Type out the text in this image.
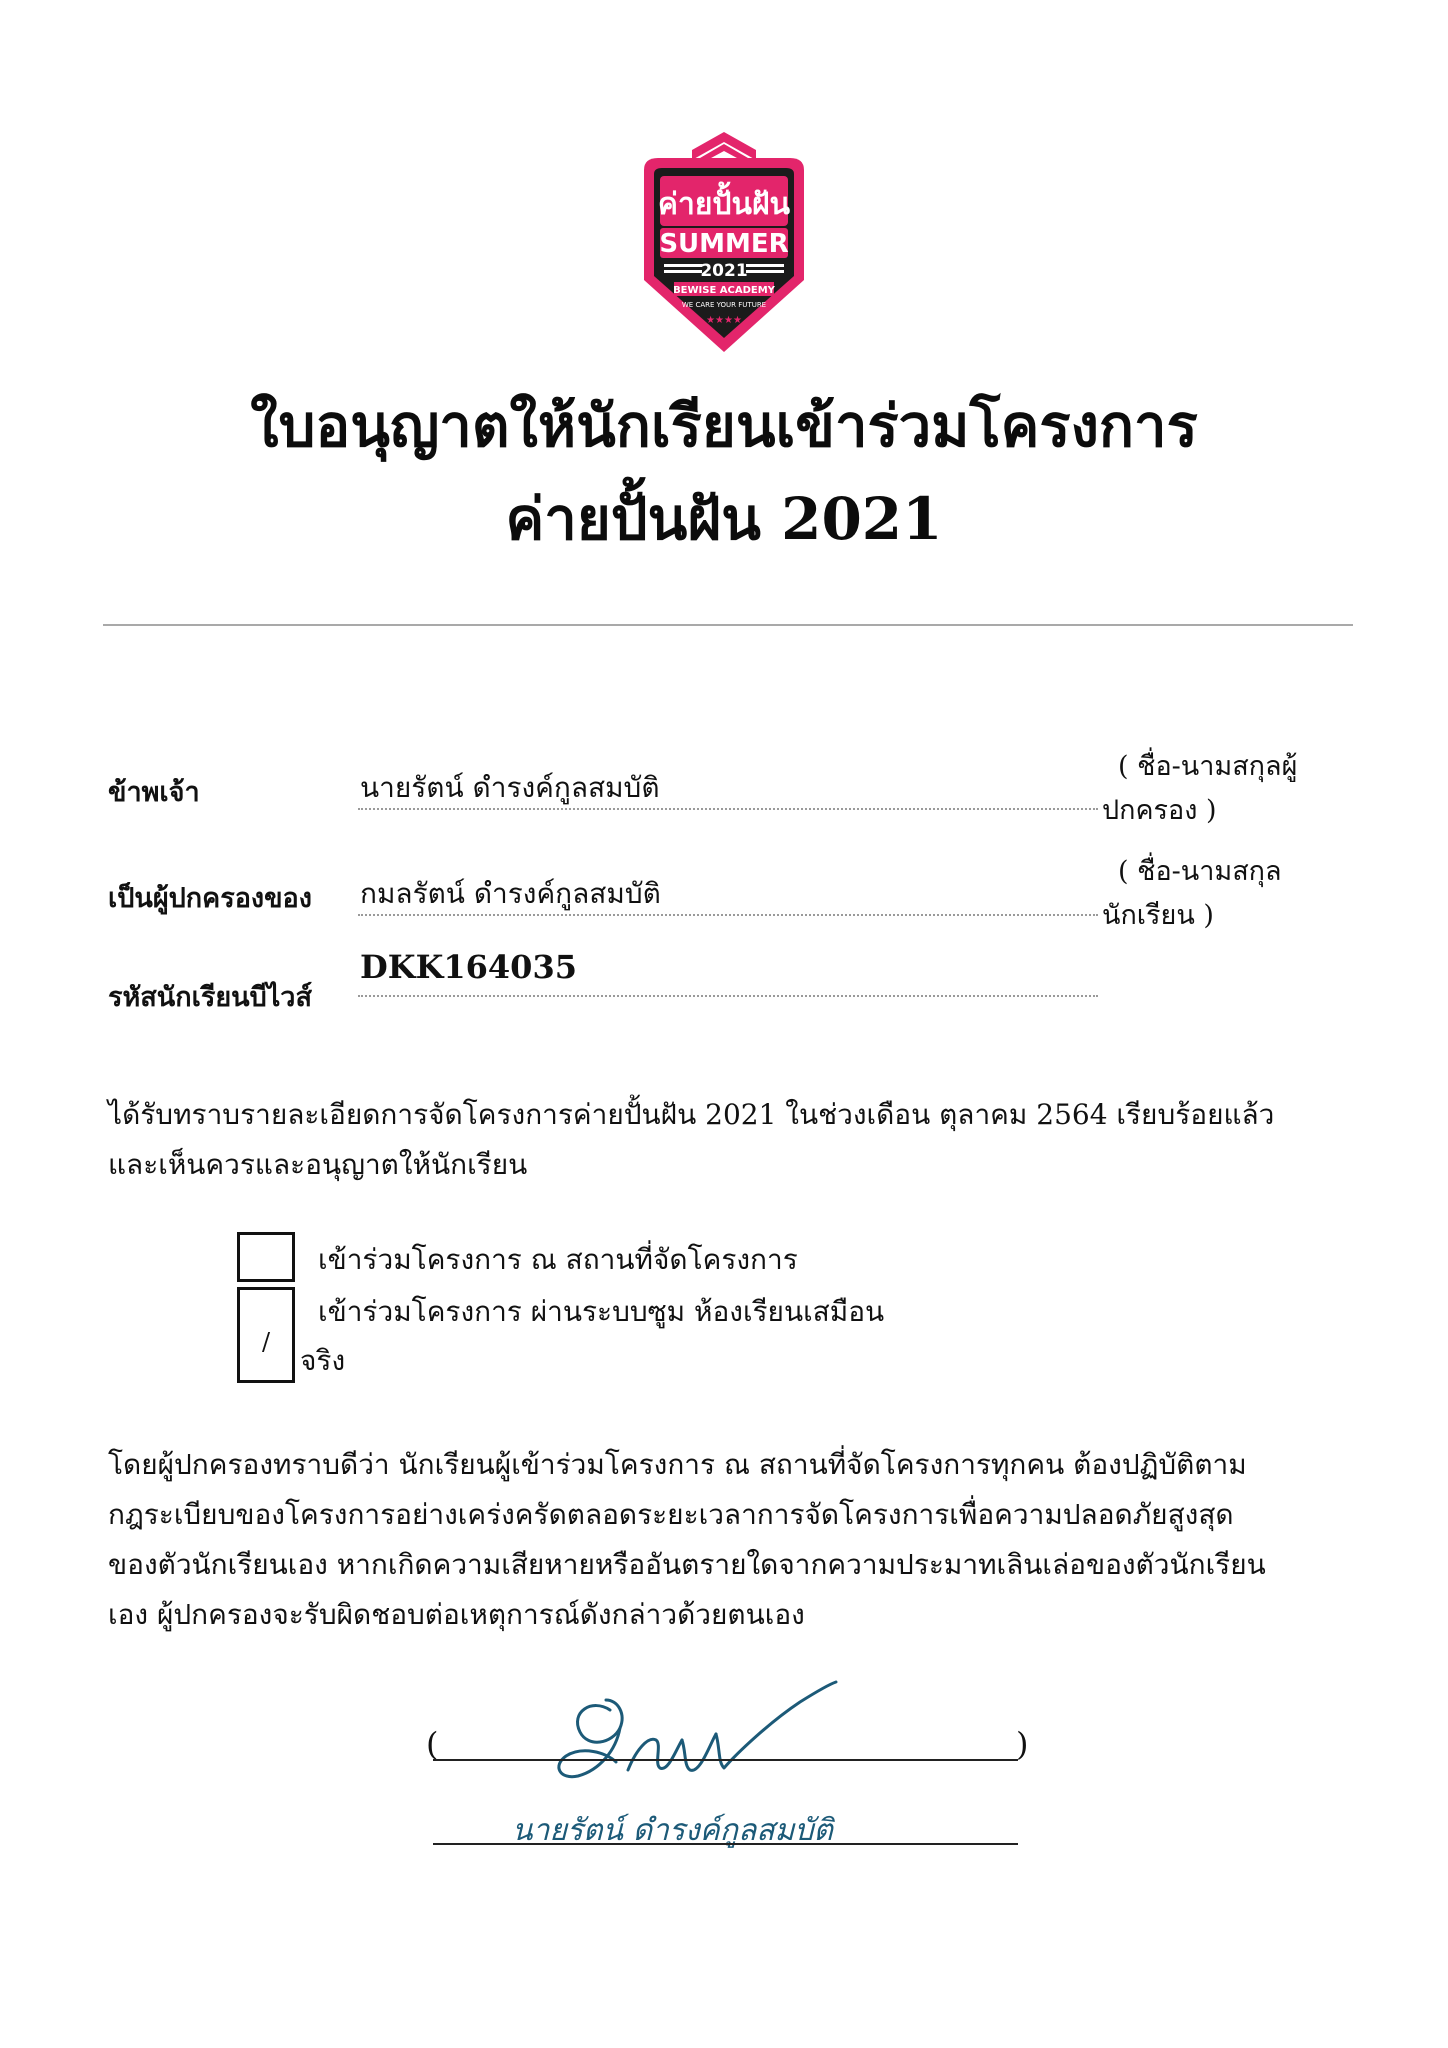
ค่ายปั้นฝัน
SUMMER
2021
BEWISE ACADEMY
WE CARE YOUR FUTURE
★★★★
ใบอนุญาตให้นักเรียนเข้าร่วมโครงการ
ค่ายปั้นฝัน 2021
ข้าพเจ้า	นายรัตน์ ดำรงค์กูลสมบัติ
( ชื่อ-นามสกุลผู้
ปกครอง )
เป็นผู้ปกครองของ กมลรัตน์ ดำรงค์กูลสมบัติ
( ชื่อ-นามสกุล
นักเรียน )
รหัสนักเรียนบีไวส์
DKK164035
ได้รับทราบรายละเอียดการจัดโครงการค่ายปั้นฝัน 2021 ในช่วงเดือน ตุลาคม 2564 เรียบร้อยแล้ว
และเห็นควรและอนุญาตให้นักเรียน
เข้าร่วมโครงการ ณ สถานที่จัดโครงการ
/
เข้าร่วมโครงการ ผ่านระบบซูม ห้องเรียนเสมือน
จริง
โดยผู้ปกครองทราบดีว่า นักเรียนผู้เข้าร่วมโครงการ ณ สถานที่จัดโครงการทุกคน ต้องปฏิบัติตาม
กฎระเบียบของโครงการอย่างเคร่งครัดตลอดระยะเวลาการจัดโครงการเพื่อความปลอดภัยสูงสุด
ของตัวนักเรียนเอง หากเกิดความเสียหายหรืออันตรายใดจากความประมาทเลินเล่อของตัวนักเรียน
เอง ผู้ปกครองจะรับผิดชอบต่อเหตุการณ์ดังกล่าวด้วยตนเอง
นายรัตน์ ดำรงค์กูลสมบัติ
(	)
